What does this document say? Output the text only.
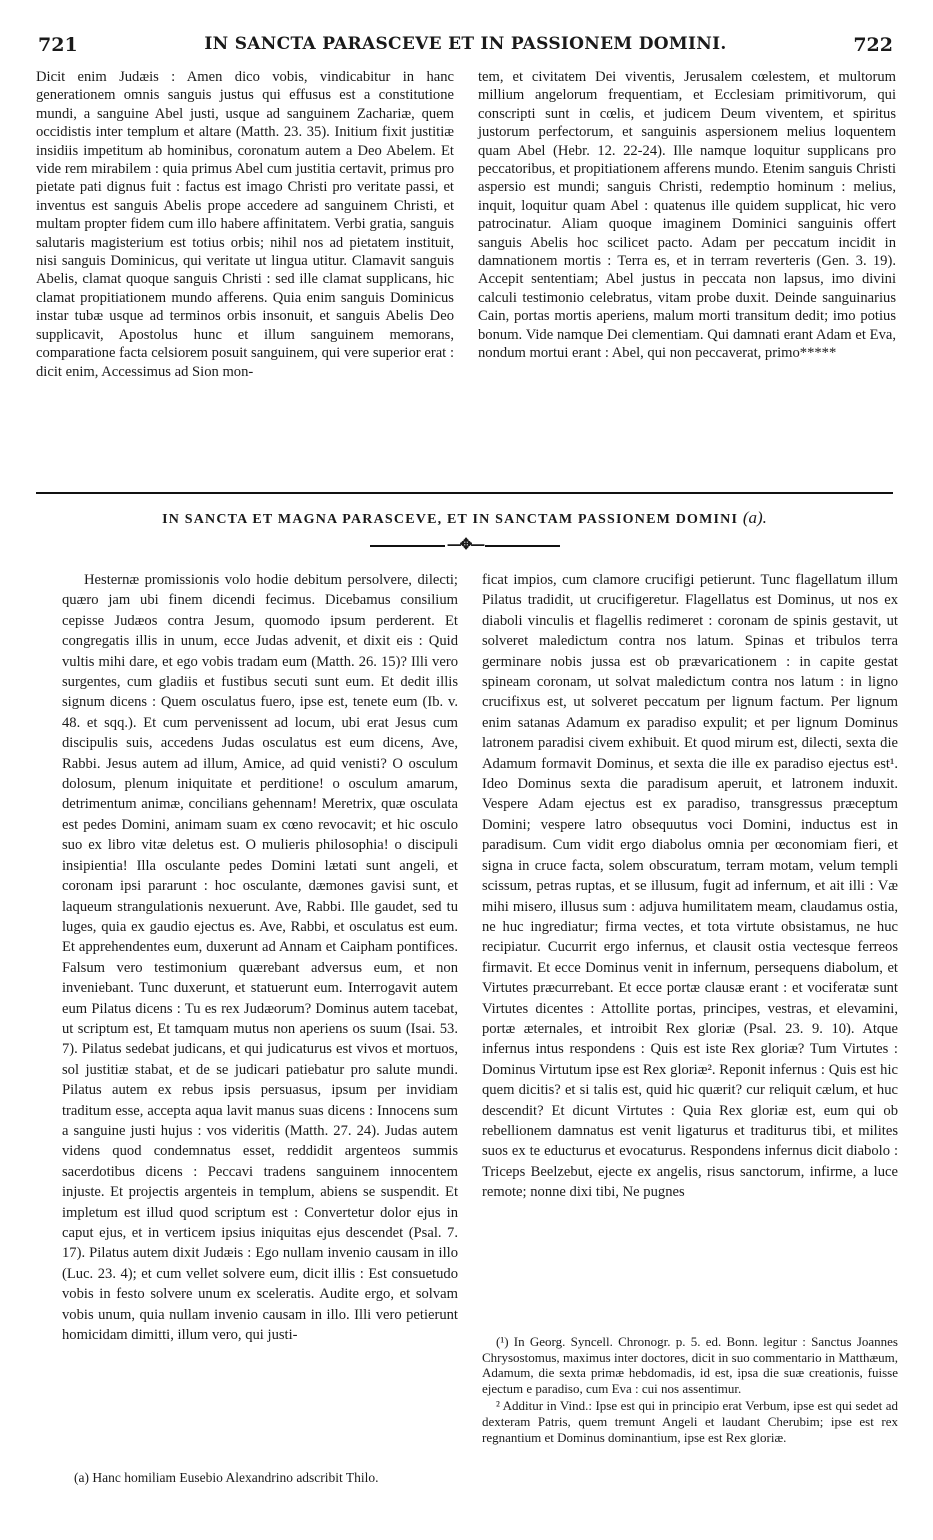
721	IN SANCTA PARASCEVE ET IN PASSIONEM DOMINI.	722

Dicit enim Judæis : Amen dico vobis, vindicabitur in hanc generationem omnis sanguis justus qui effusus est a constitutione mundi, a sanguine Abel justi, usque ad sanguinem Zachariæ, quem occidistis inter templum et altare (Matth. 23. 35). Initium fixit justitiæ insidiis impetitum ab hominibus, coronatum autem a Deo Abelem. Et vide rem mirabilem : quia primus Abel cum justitia certavit, primus pro pietate pati dignus fuit : factus est imago Christi pro veritate passi, et inventus est sanguis Abelis prope accedere ad sanguinem Christi, et multam propter fidem cum illo habere affinitatem. Verbi gratia, sanguis salutaris magisterium est totius orbis; nihil nos ad pietatem instituit, nisi sanguis Dominicus, qui veritate ut lingua utitur. Clamavit sanguis Abelis, clamat quoque sanguis Christi : sed ille clamat supplicans, hic clamat propitiationem mundo afferens. Quia enim sanguis Dominicus instar tubæ usque ad terminos orbis insonuit, et sanguis Abelis Deo supplicavit, Apostolus hunc et illum sanguinem memorans, comparatione facta celsiorem posuit sanguinem, qui vere superior erat : dicit enim, Accessimus ad Sion mon-

tem, et civitatem Dei viventis, Jerusalem cœlestem, et multorum millium angelorum frequentiam, et Ecclesiam primitivorum, qui conscripti sunt in cœlis, et judicem Deum viventem, et spiritus justorum perfectorum, et sanguinis aspersionem melius loquentem quam Abel (Hebr. 12. 22-24). Ille namque loquitur supplicans pro peccatoribus, et propitiationem afferens mundo. Etenim sanguis Christi aspersio est mundi; sanguis Christi, redemptio hominum : melius, inquit, loquitur quam Abel : quatenus ille quidem supplicat, hic vero patrocinatur. Aliam quoque imaginem Dominici sanguinis offert sanguis Abelis hoc scilicet pacto. Adam per peccatum incidit in damnationem mortis : Terra es, et in terram reverteris (Gen. 3. 19). Accepit sententiam; Abel justus in peccata non lapsus, imo divini calculi testimonio celebratus, vitam probe duxit. Deinde sanguinarius Cain, portas mortis aperiens, malum morti transitum dedit; imo potius bonum. Vide namque Dei clementiam. Qui damnati erant Adam et Eva, nondum mortui erant : Abel, qui non peccaverat, primo*****

IN SANCTA ET MAGNA PARASCEVE, ET IN SANCTAM PASSIONEM DOMINI (a).
—✥—

Hesternæ promissionis volo hodie debitum persolvere, dilecti; quæro jam ubi finem dicendi fecimus. Dicebamus consilium cepisse Judæos contra Jesum, quomodo ipsum perderent. Et congregatis illis in unum, ecce Judas advenit, et dixit eis : Quid vultis mihi dare, et ego vobis tradam eum (Matth. 26. 15)? Illi vero surgentes, cum gladiis et fustibus secuti sunt eum. Et dedit illis signum dicens : Quem osculatus fuero, ipse est, tenete eum (Ib. v. 48. et sqq.). Et cum pervenissent ad locum, ubi erat Jesus cum discipulis suis, accedens Judas osculatus est eum dicens, Ave, Rabbi. Jesus autem ad illum, Amice, ad quid venisti? O osculum dolosum, plenum iniquitate et perditione! o osculum amarum, detrimentum animæ, concilians gehennam! Meretrix, quæ osculata est pedes Domini, animam suam ex cœno revocavit; et hic osculo suo ex libro vitæ deletus est. O mulieris philosophia! o discipuli insipientia! Illa osculante pedes Domini lætati sunt angeli, et coronam ipsi pararunt : hoc osculante, dæmones gavisi sunt, et laqueum strangulationis nexuerunt. Ave, Rabbi. Ille gaudet, sed tu luges, quia ex gaudio ejectus es. Ave, Rabbi, et osculatus est eum. Et apprehendentes eum, duxerunt ad Annam et Caipham pontifices. Falsum vero testimonium quærebant adversus eum, et non inveniebant. Tunc duxerunt, et statuerunt eum. Interrogavit autem eum Pilatus dicens : Tu es rex Judæorum? Dominus autem tacebat, ut scriptum est, Et tamquam mutus non aperiens os suum (Isai. 53. 7). Pilatus sedebat judicans, et qui judicaturus est vivos et mortuos, sol justitiæ stabat, et de se judicari patiebatur pro salute mundi. Pilatus autem ex rebus ipsis persuasus, ipsum per invidiam traditum esse, accepta aqua lavit manus suas dicens : Innocens sum a sanguine justi hujus : vos videritis (Matth. 27. 24). Judas autem videns quod condemnatus esset, reddidit argenteos summis sacerdotibus dicens : Peccavi tradens sanguinem innocentem injuste. Et projectis argenteis in templum, abiens se suspendit. Et impletum est illud quod scriptum est : Convertetur dolor ejus in caput ejus, et in verticem ipsius iniquitas ejus descendet (Psal. 7. 17). Pilatus autem dixit Judæis : Ego nullam invenio causam in illo (Luc. 23. 4); et cum vellet solvere eum, dicit illis : Est consuetudo vobis in festo solvere unum ex sceleratis. Audite ergo, et solvam vobis unum, quia nullam invenio causam in illo. Illi vero petierunt homicidam dimitti, illum vero, qui justi-

ficat impios, cum clamore crucifigi petierunt. Tunc flagellatum illum Pilatus tradidit, ut crucifigeretur. Flagellatus est Dominus, ut nos ex diaboli vinculis et flagellis redimeret : coronam de spinis gestavit, ut solveret maledictum contra nos latum. Spinas et tribulos terra germinare nobis jussa est ob prævaricationem : in capite gestat spineam coronam, ut solvat maledictum contra nos latum : in ligno crucifixus est, ut solveret peccatum per lignum factum. Per lignum enim satanas Adamum ex paradiso expulit; et per lignum Dominus latronem paradisi civem exhibuit. Et quod mirum est, dilecti, sexta die Adamum formavit Dominus, et sexta die ille ex paradiso ejectus est¹. Ideo Dominus sexta die paradisum aperuit, et latronem induxit. Vespere Adam ejectus est ex paradiso, transgressus præceptum Domini; vespere latro obsequutus voci Domini, inductus est in paradisum. Cum vidit ergo diabolus omnia per œconomiam fieri, et signa in cruce facta, solem obscuratum, terram motam, velum templi scissum, petras ruptas, et se illusum, fugit ad infernum, et ait illi : Væ mihi misero, illusus sum : adjuva humilitatem meam, claudamus ostia, ne huc ingrediatur; firma vectes, et tota virtute obsistamus, ne huc recipiatur. Cucurrit ergo infernus, et clausit ostia vectesque ferreos firmavit. Et ecce Dominus venit in infernum, persequens diabolum, et Virtutes præcurrebant. Et ecce portæ clausæ erant : et vociferatæ sunt Virtutes dicentes : Attollite portas, principes, vestras, et elevamini, portæ æternales, et introibit Rex gloriæ (Psal. 23. 9. 10). Atque infernus intus respondens : Quis est iste Rex gloriæ? Tum Virtutes : Dominus Virtutum ipse est Rex gloriæ². Reponit infernus : Quis est hic quem dicitis? et si talis est, quid hic quærit? cur reliquit cælum, et huc descendit? Et dicunt Virtutes : Quia Rex gloriæ est, eum qui ob rebellionem damnatus est venit ligaturus et traditurus tibi, et milites suos ex te educturus et evocaturus. Respondens infernus dicit diabolo : Triceps Beelzebut, ejecte ex angelis, risus sanctorum, infirme, a luce remote; nonne dixi tibi, Ne pugnes

(¹) In Georg. Syncell. Chronogr. p. 5. ed. Bonn. legitur : Sanctus Joannes Chrysostomus, maximus inter doctores, dicit in suo commentario in Matthæum, Adamum, die sexta primæ hebdomadis, id est, ipsa die suæ creationis, fuisse ejectum e paradiso, cum Eva : cui nos assentimur.

² Additur in Vind.: Ipse est qui in principio erat Verbum, ipse est qui sedet ad dexteram Patris, quem tremunt Angeli et laudant Cherubim; ipse est rex regnantium et Dominus dominantium, ipse est Rex gloriæ.

(a) Hanc homiliam Eusebio Alexandrino adscribit Thilo.
